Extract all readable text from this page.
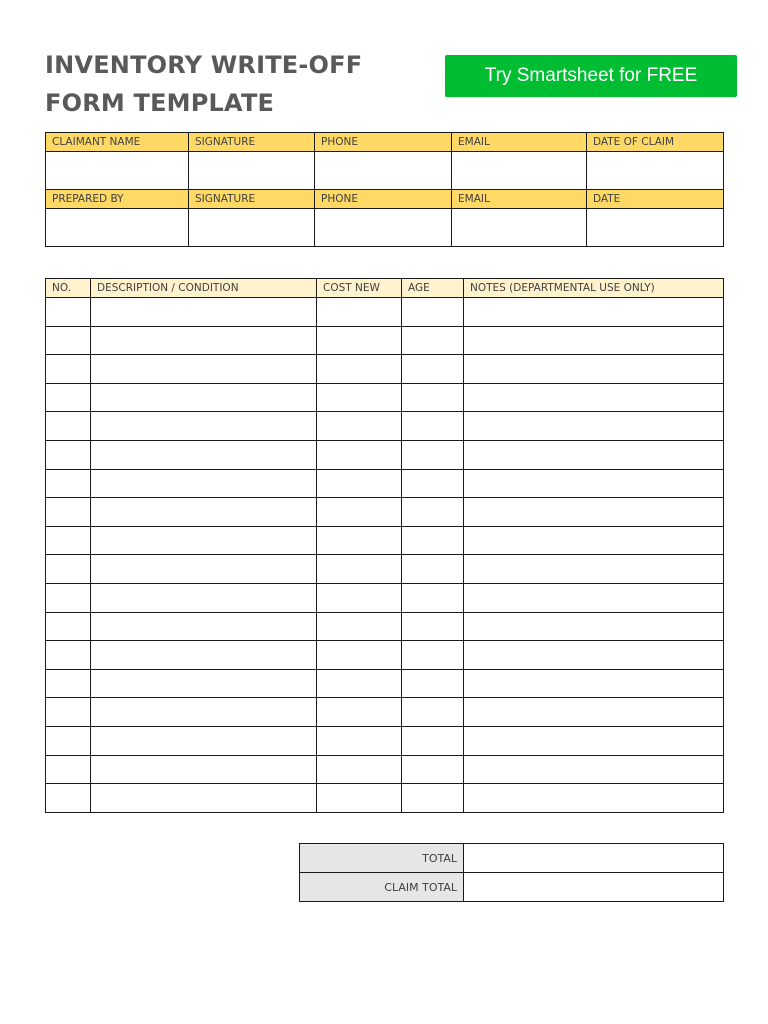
INVENTORY WRITE-OFF FORM TEMPLATE
Try Smartsheet for FREE
CLAIMANT NAME	SIGNATURE	PHONE	EMAIL	DATE OF CLAIM

PREPARED BY	SIGNATURE	PHONE	EMAIL	DATE

NO.	DESCRIPTION / CONDITION	COST NEW	AGE	NOTES (DEPARTMENTAL USE ONLY)

TOTAL	
CLAIM TOTAL	
